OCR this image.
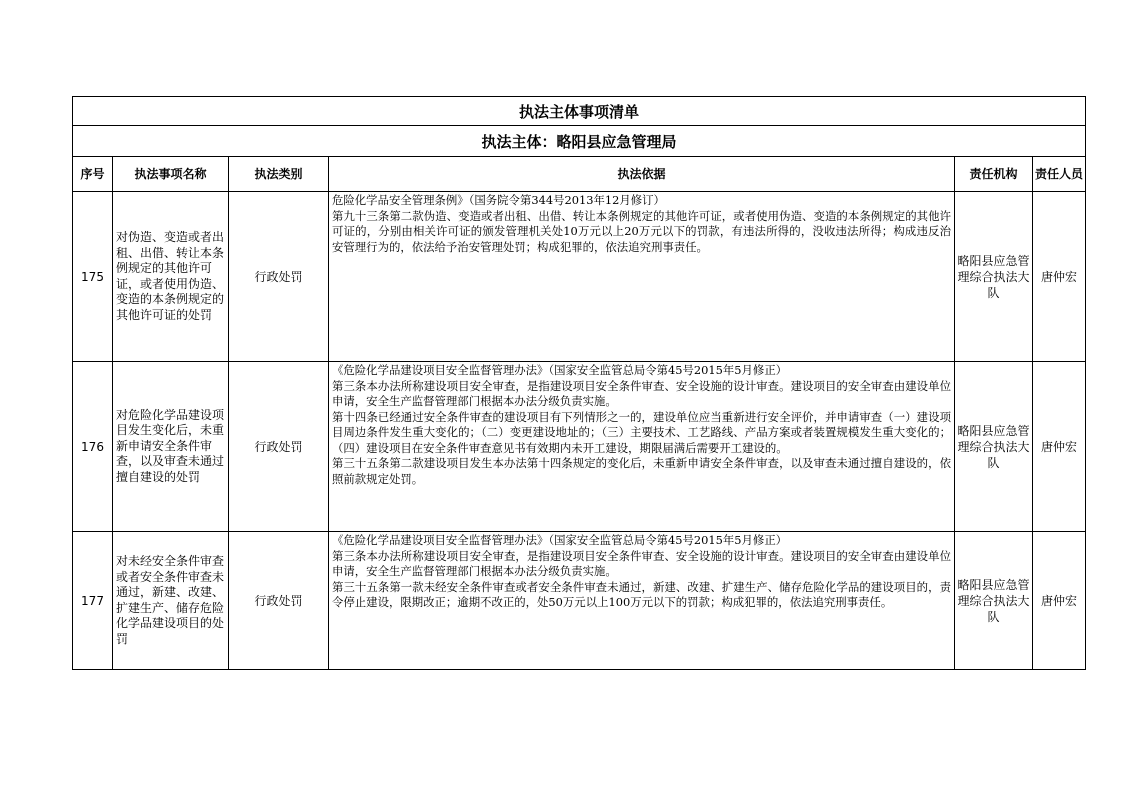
执法主体事项清单					
执法主体：略阳县应急管理局					
序号	执法事项名称	执法类别	执法依据	责任机构	责任人员
175	对伪造、变造或者出租、出借、转让本条例规定的其他许可证，或者使用伪造、变造的本条例规定的其他许可证的处罚	行政处罚	危险化学品安全管理条例》（国务院令第344号2013年12月修订）

第九十三条第二款伪造、变造或者出租、出借、转让本条例规定的其他许可证，或者使用伪造、变造的本条例规定的其他许可证的，分别由相关许可证的颁发管理机关处10万元以上20万元以下的罚款，有违法所得的，没收违法所得；构成违反治安管理行为的，依法给予治安管理处罚；构成犯罪的，依法追究刑事责任。	略阳县应急管理综合执法大队	唐仲宏
176	对危险化学品建设项目发生变化后，未重新申请安全条件审查，以及审查未通过擅自建设的处罚	行政处罚	《危险化学品建设项目安全监督管理办法》（国家安全监管总局令第45号2015年5月修正）

第三条本办法所称建设项目安全审查，是指建设项目安全条件审查、安全设施的设计审查。建设项目的安全审查由建设单位申请，安全生产监督管理部门根据本办法分级负责实施。

第十四条已经通过安全条件审查的建设项目有下列情形之一的，建设单位应当重新进行安全评价，并申请审查（一）建设项目周边条件发生重大变化的；（二）变更建设地址的；（三）主要技术、工艺路线、产品方案或者装置规模发生重大变化的；（四）建设项目在安全条件审查意见书有效期内未开工建设，期限届满后需要开工建设的。

第三十五条第二款建设项目发生本办法第十四条规定的变化后，未重新申请安全条件审查，以及审查未通过擅自建设的，依照前款规定处罚。	略阳县应急管理综合执法大队	唐仲宏
177	对未经安全条件审查或者安全条件审查未通过，新建、改建、扩建生产、储存危险化学品建设项目的处罚	行政处罚	《危险化学品建设项目安全监督管理办法》（国家安全监管总局令第45号2015年5月修正）

第三条本办法所称建设项目安全审查，是指建设项目安全条件审查、安全设施的设计审查。建设项目的安全审查由建设单位申请，安全生产监督管理部门根据本办法分级负责实施。

第三十五条第一款未经安全条件审查或者安全条件审查未通过，新建、改建、扩建生产、储存危险化学品的建设项目的，责令停止建设，限期改正；逾期不改正的，处50万元以上100万元以下的罚款；构成犯罪的，依法追究刑事责任。	略阳县应急管理综合执法大队	唐仲宏
